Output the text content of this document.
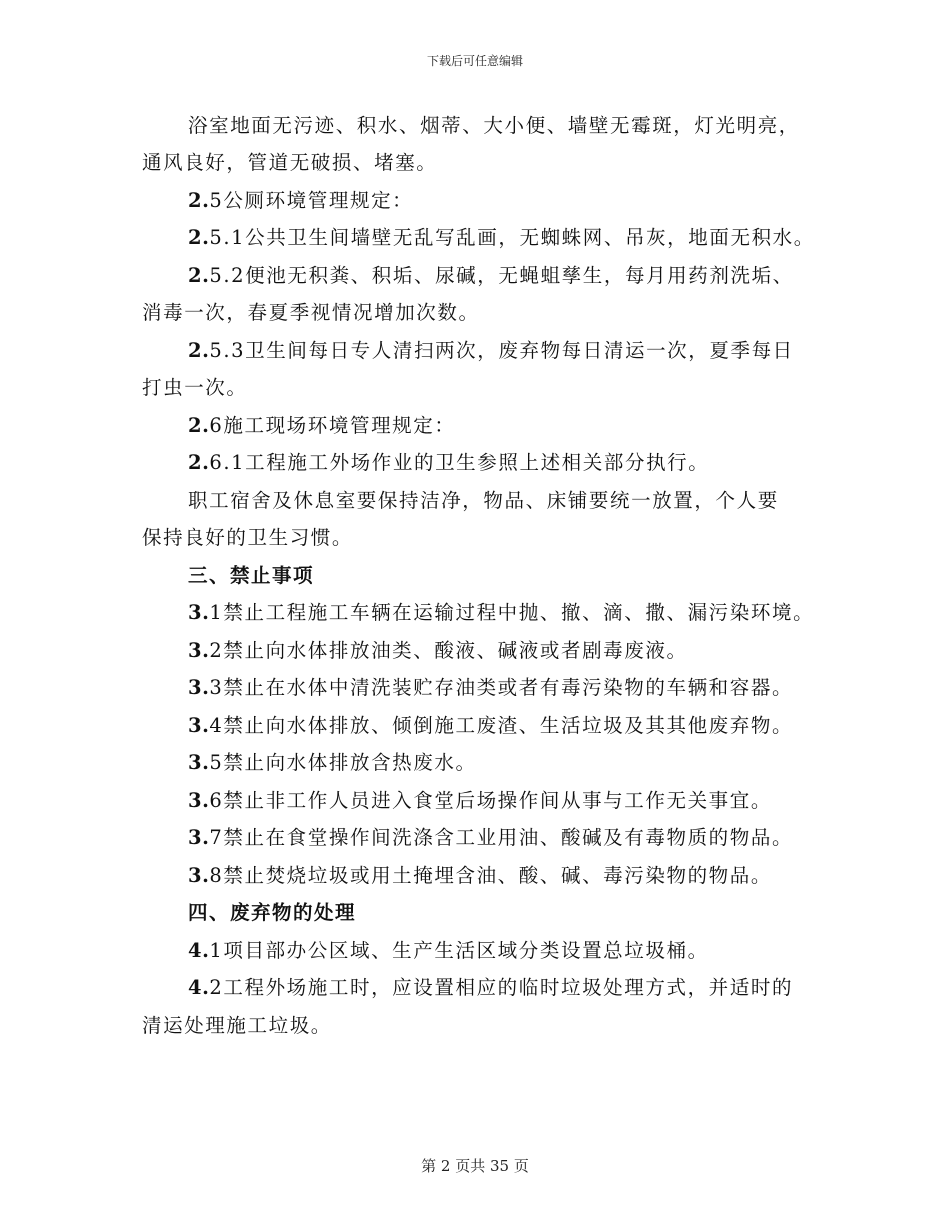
下载后可任意编辑
浴室地面无污迹、积水、烟蒂、大小便、墙壁无霉斑，灯光明亮，
通风良好，管道无破损、堵塞。
2.5公厕环境管理规定：
2.5.1公共卫生间墙壁无乱写乱画，无蜘蛛网、吊灰，地面无积水。
2.5.2便池无积粪、积垢、尿碱，无蝇蛆孳生，每月用药剂洗垢、
消毒一次，春夏季视情况增加次数。
2.5.3卫生间每日专人清扫两次，废弃物每日清运一次，夏季每日
打虫一次。
2.6施工现场环境管理规定：
2.6.1工程施工外场作业的卫生参照上述相关部分执行。
职工宿舍及休息室要保持洁净，物品、床铺要统一放置，个人要
保持良好的卫生习惯。
三、禁止事项
3.1禁止工程施工车辆在运输过程中抛、撤、滴、撒、漏污染环境。
3.2禁止向水体排放油类、酸液、碱液或者剧毒废液。
3.3禁止在水体中清洗装贮存油类或者有毒污染物的车辆和容器。
3.4禁止向水体排放、倾倒施工废渣、生活垃圾及其其他废弃物。
3.5禁止向水体排放含热废水。
3.6禁止非工作人员进入食堂后场操作间从事与工作无关事宜。
3.7禁止在食堂操作间洗涤含工业用油、酸碱及有毒物质的物品。
3.8禁止焚烧垃圾或用土掩埋含油、酸、碱、毒污染物的物品。
四、废弃物的处理
4.1项目部办公区域、生产生活区域分类设置总垃圾桶。
4.2工程外场施工时，应设置相应的临时垃圾处理方式，并适时的
清运处理施工垃圾。
第 2 页共 35 页
